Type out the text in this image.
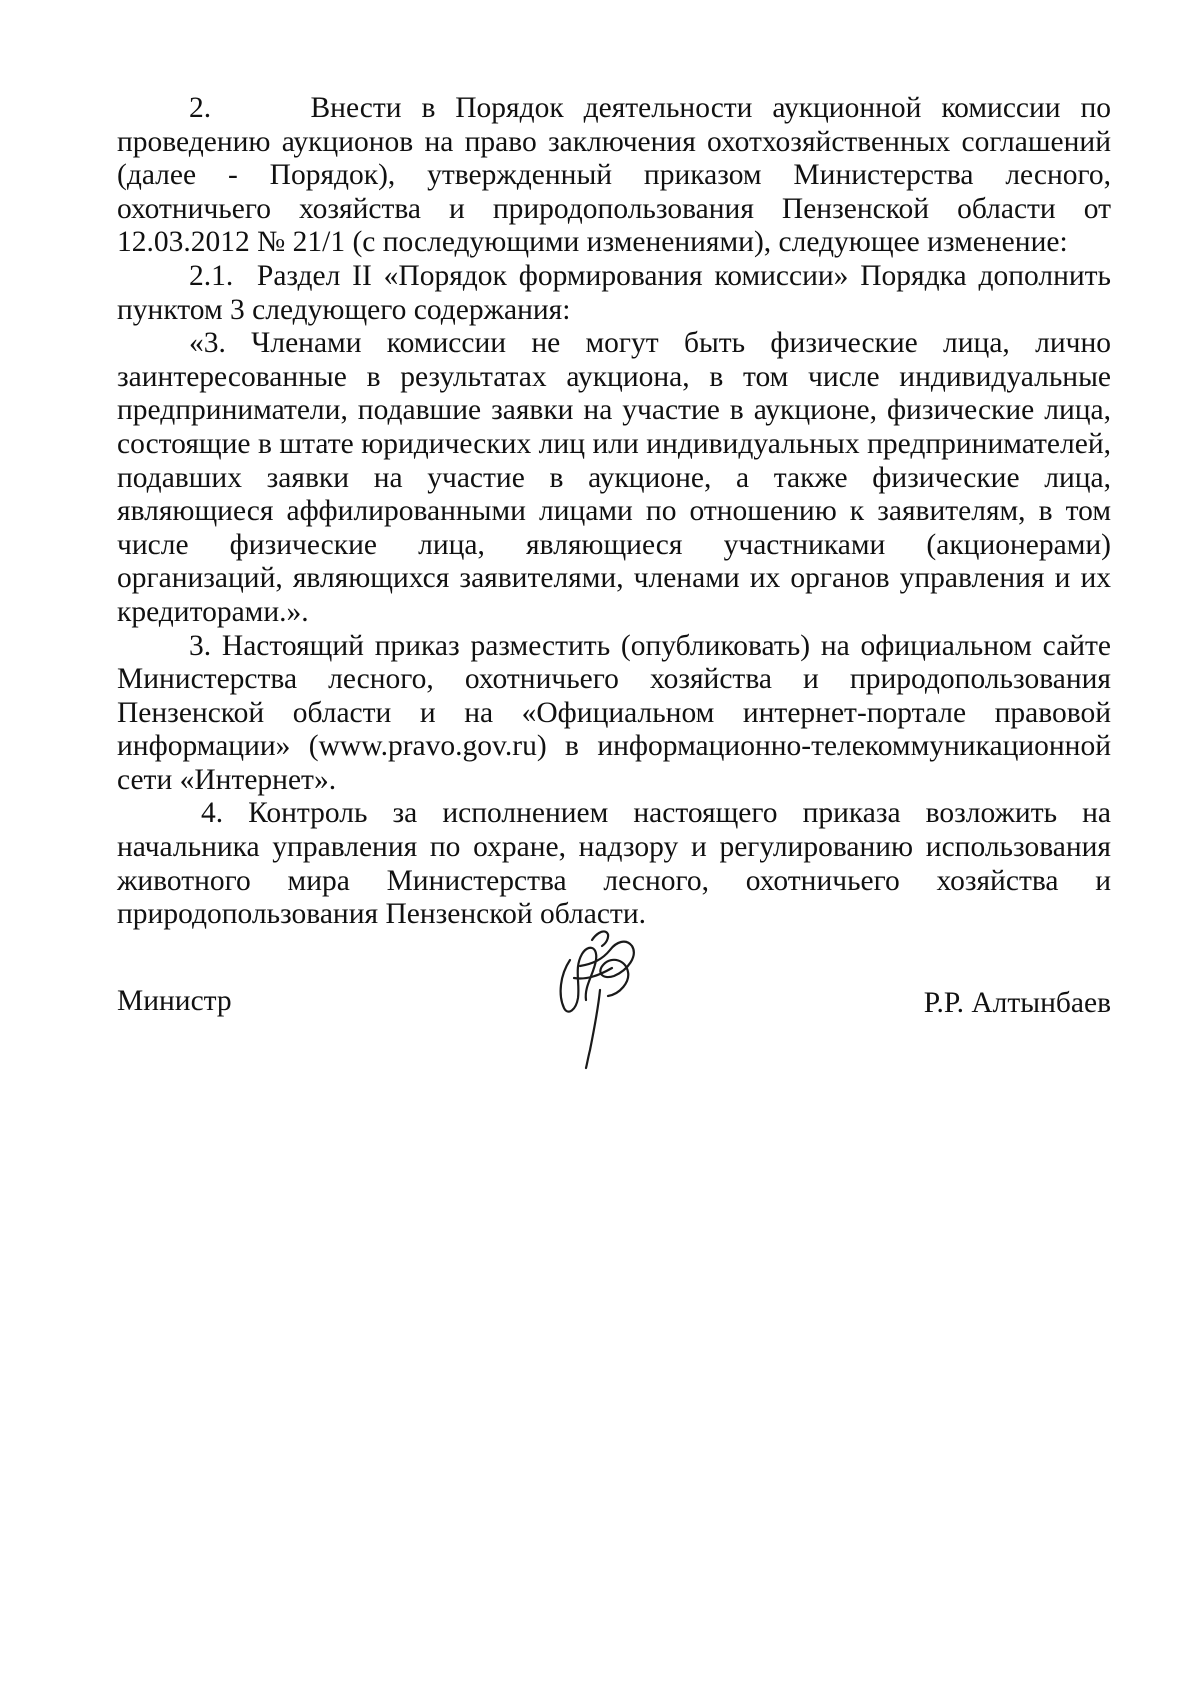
2.     Внести в Порядок деятельности аукционной комиссии по проведению аукционов на право заключения охотхозяйственных соглашений (далее - Порядок), утвержденный приказом Министерства лесного, охотничьего хозяйства и природопользования Пензенской области от 12.03.2012 № 21/1 (с последующими изменениями), следующее изменение:

2.1.  Раздел II «Порядок формирования комиссии» Порядка дополнить пунктом 3 следующего содержания:

«3. Членами комиссии не могут быть физические лица, лично заинтересованные в результатах аукциона, в том числе индивидуальные предприниматели, подавшие заявки на участие в аукционе, физические лица, состоящие в штате юридических лиц или индивидуальных предпринимателей, подавших заявки на участие в аукционе, а также физические лица, являющиеся аффилированными лицами по отношению к заявителям, в том числе физические лица, являющиеся участниками (акционерами) организаций, являющихся заявителями, членами их органов управления и их кредиторами.».

3. Настоящий приказ разместить (опубликовать) на официальном сайте Министерства лесного, охотничьего хозяйства и природопользования Пензенской области и на «Официальном интернет-портале правовой информации» (www.pravo.gov.ru) в информационно-телекоммуникационной сети «Интернет».

4. Контроль за исполнением настоящего приказа возложить на начальника управления по охране, надзору и регулированию использования животного мира Министерства лесного, охотничьего хозяйства и природопользования Пензенской области.

Министр	Р.Р. Алтынбаев
